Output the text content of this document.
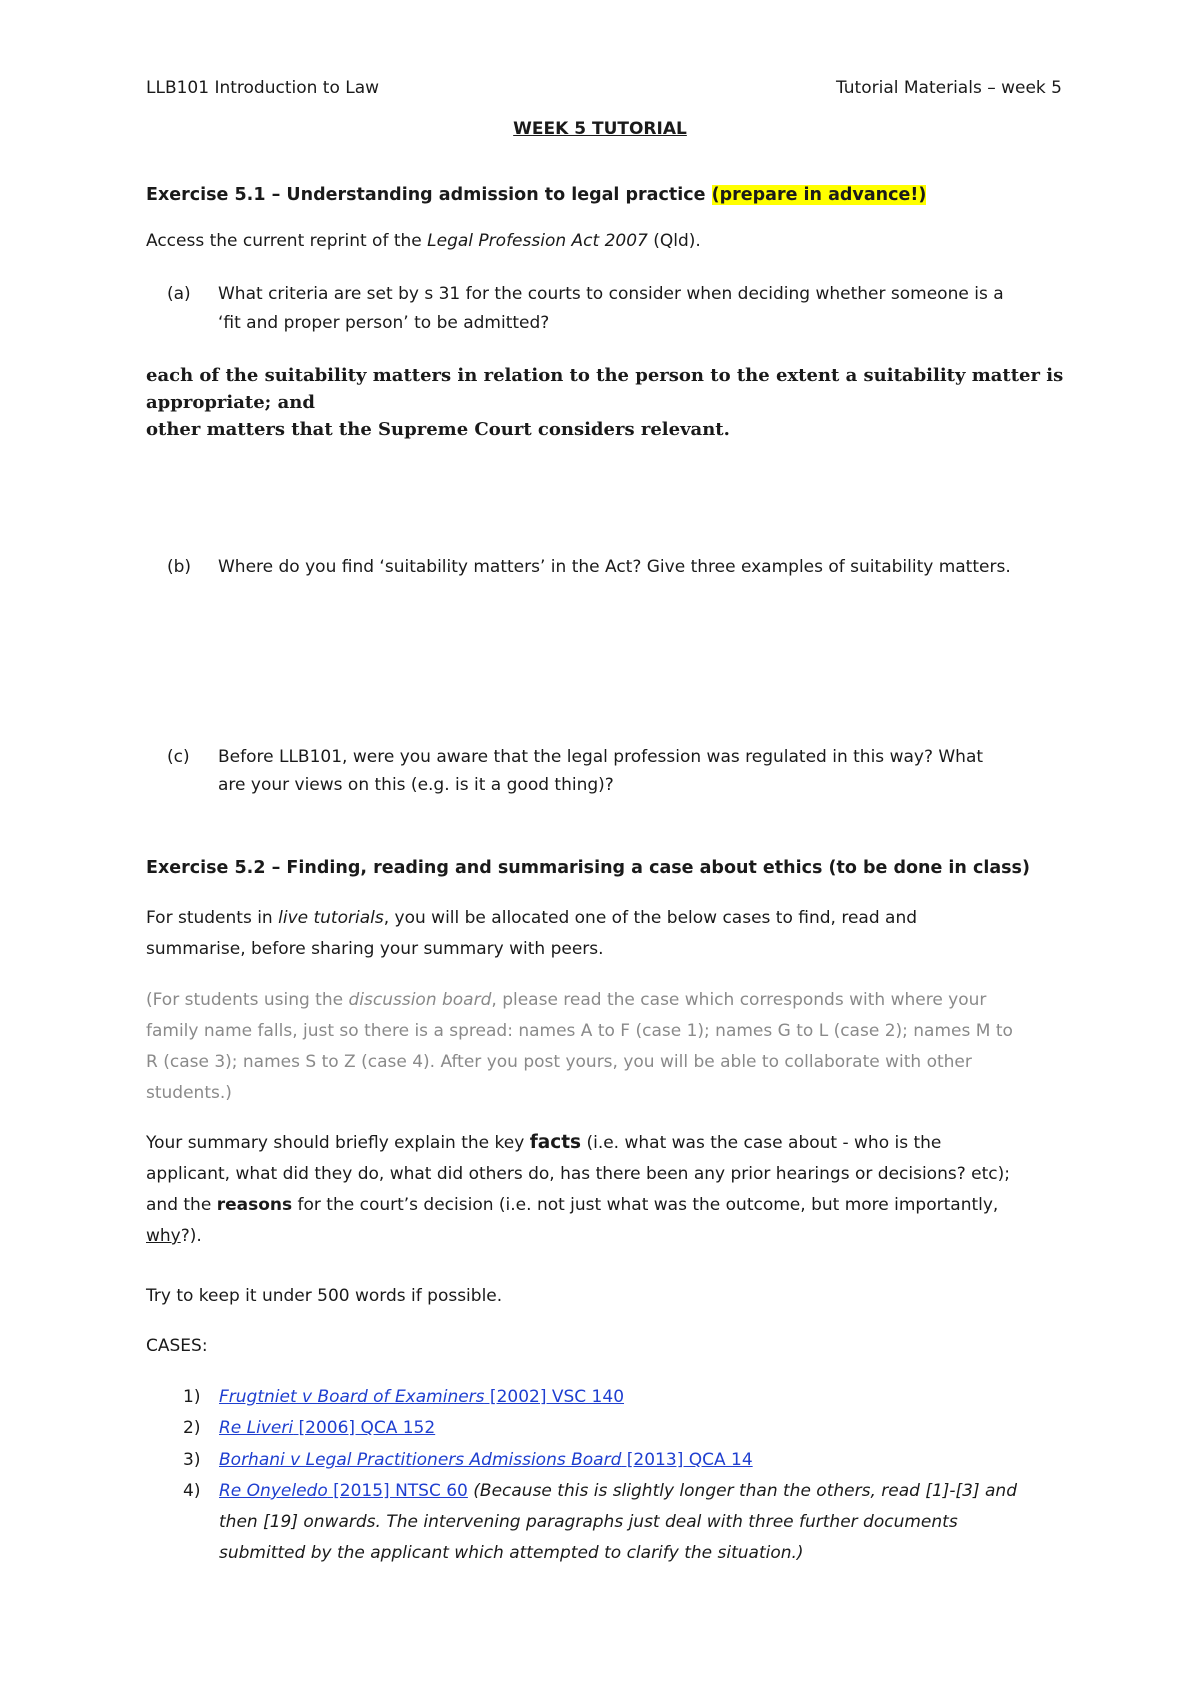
LLB101 Introduction to Law	Tutorial Materials – week 5
WEEK 5 TUTORIAL
Exercise 5.1 – Understanding admission to legal practice (prepare in advance!)
Access the current reprint of the Legal Profession Act 2007 (Qld).
(a) What criteria are set by s 31 for the courts to consider when deciding whether someone is a
‘fit and proper person’ to be admitted?
each of the suitability matters in relation to the person to the extent a suitability matter is
appropriate; and
other matters that the Supreme Court considers relevant.
(b) Where do you find ‘suitability matters’ in the Act? Give three examples of suitability matters.
(c) Before LLB101, were you aware that the legal profession was regulated in this way? What
are your views on this (e.g. is it a good thing)?
Exercise 5.2 – Finding, reading and summarising a case about ethics (to be done in class)
For students in live tutorials, you will be allocated one of the below cases to find, read and
summarise, before sharing your summary with peers.
(For students using the discussion board, please read the case which corresponds with where your
family name falls, just so there is a spread: names A to F (case 1); names G to L (case 2); names M to
R (case 3); names S to Z (case 4). After you post yours, you will be able to collaborate with other
students.)
Your summary should briefly explain the key facts (i.e. what was the case about - who is the
applicant, what did they do, what did others do, has there been any prior hearings or decisions? etc);
and the reasons for the court’s decision (i.e. not just what was the outcome, but more importantly,
why?).
Try to keep it under 500 words if possible.
CASES:
1) Frugtniet v Board of Examiners [2002] VSC 140
2) Re Liveri [2006] QCA 152
3) Borhani v Legal Practitioners Admissions Board [2013] QCA 14
4) Re Onyeledo [2015] NTSC 60 (Because this is slightly longer than the others, read [1]-[3] and
then [19] onwards. The intervening paragraphs just deal with three further documents
submitted by the applicant which attempted to clarify the situation.)
